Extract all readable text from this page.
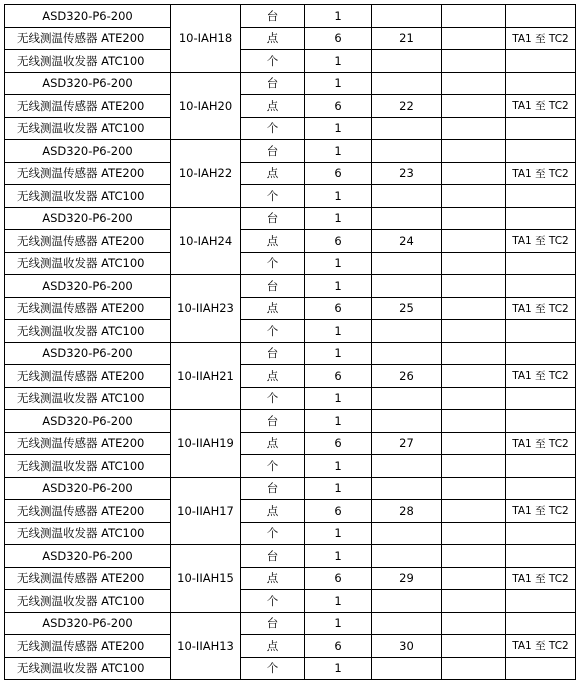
ASD320-P6-200	10-IAH18	台	1			
无线测温传感器 ATE200		点	6	21		TA1 至 TC2
无线测温收发器 ATC100		个	1			
ASD320-P6-200	10-IAH20	台	1			
无线测温传感器 ATE200		点	6	22		TA1 至 TC2
无线测温收发器 ATC100		个	1			
ASD320-P6-200	10-IAH22	台	1			
无线测温传感器 ATE200		点	6	23		TA1 至 TC2
无线测温收发器 ATC100		个	1			
ASD320-P6-200	10-IAH24	台	1			
无线测温传感器 ATE200		点	6	24		TA1 至 TC2
无线测温收发器 ATC100		个	1			
ASD320-P6-200	10-IIAH23	台	1			
无线测温传感器 ATE200		点	6	25		TA1 至 TC2
无线测温收发器 ATC100		个	1			
ASD320-P6-200	10-IIAH21	台	1			
无线测温传感器 ATE200		点	6	26		TA1 至 TC2
无线测温收发器 ATC100		个	1			
ASD320-P6-200	10-IIAH19	台	1			
无线测温传感器 ATE200		点	6	27		TA1 至 TC2
无线测温收发器 ATC100		个	1			
ASD320-P6-200	10-IIAH17	台	1			
无线测温传感器 ATE200		点	6	28		TA1 至 TC2
无线测温收发器 ATC100		个	1			
ASD320-P6-200	10-IIAH15	台	1			
无线测温传感器 ATE200		点	6	29		TA1 至 TC2
无线测温收发器 ATC100		个	1			
ASD320-P6-200	10-IIAH13	台	1			
无线测温传感器 ATE200		点	6	30		TA1 至 TC2
无线测温收发器 ATC100		个	1			
